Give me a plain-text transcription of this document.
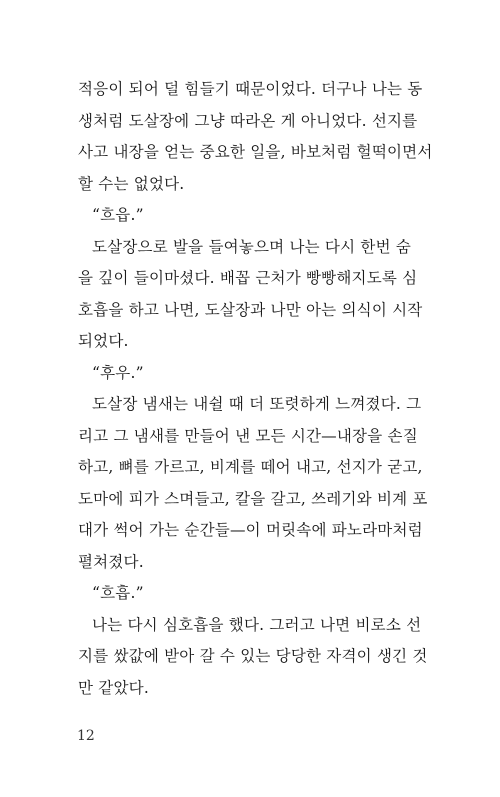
적응이 되어 덜 힘들기 때문이었다. 더구나 나는 동
생처럼 도살장에 그냥 따라온 게 아니었다. 선지를
사고 내장을 얻는 중요한 일을, 바보처럼 헐떡이면서
할 수는 없었다.
“흐읍.”
도살장으로 발을 들여놓으며 나는 다시 한번 숨
을 깊이 들이마셨다. 배꼽 근처가 빵빵해지도록 심
호흡을 하고 나면, 도살장과 나만 아는 의식이 시작
되었다.
“후우.”
도살장 냄새는 내쉴 때 더 또렷하게 느껴졌다. 그
리고 그 냄새를 만들어 낸 모든 시간—내장을 손질
하고, 뼈를 가르고, 비계를 떼어 내고, 선지가 굳고,
도마에 피가 스며들고, 칼을 갈고, 쓰레기와 비계 포
대가 썩어 가는 순간들—이 머릿속에 파노라마처럼
펼쳐졌다.
“흐흡.”
나는 다시 심호흡을 했다. 그러고 나면 비로소 선
지를 쌌값에 받아 갈 수 있는 당당한 자격이 생긴 것
만 같았다.
12
